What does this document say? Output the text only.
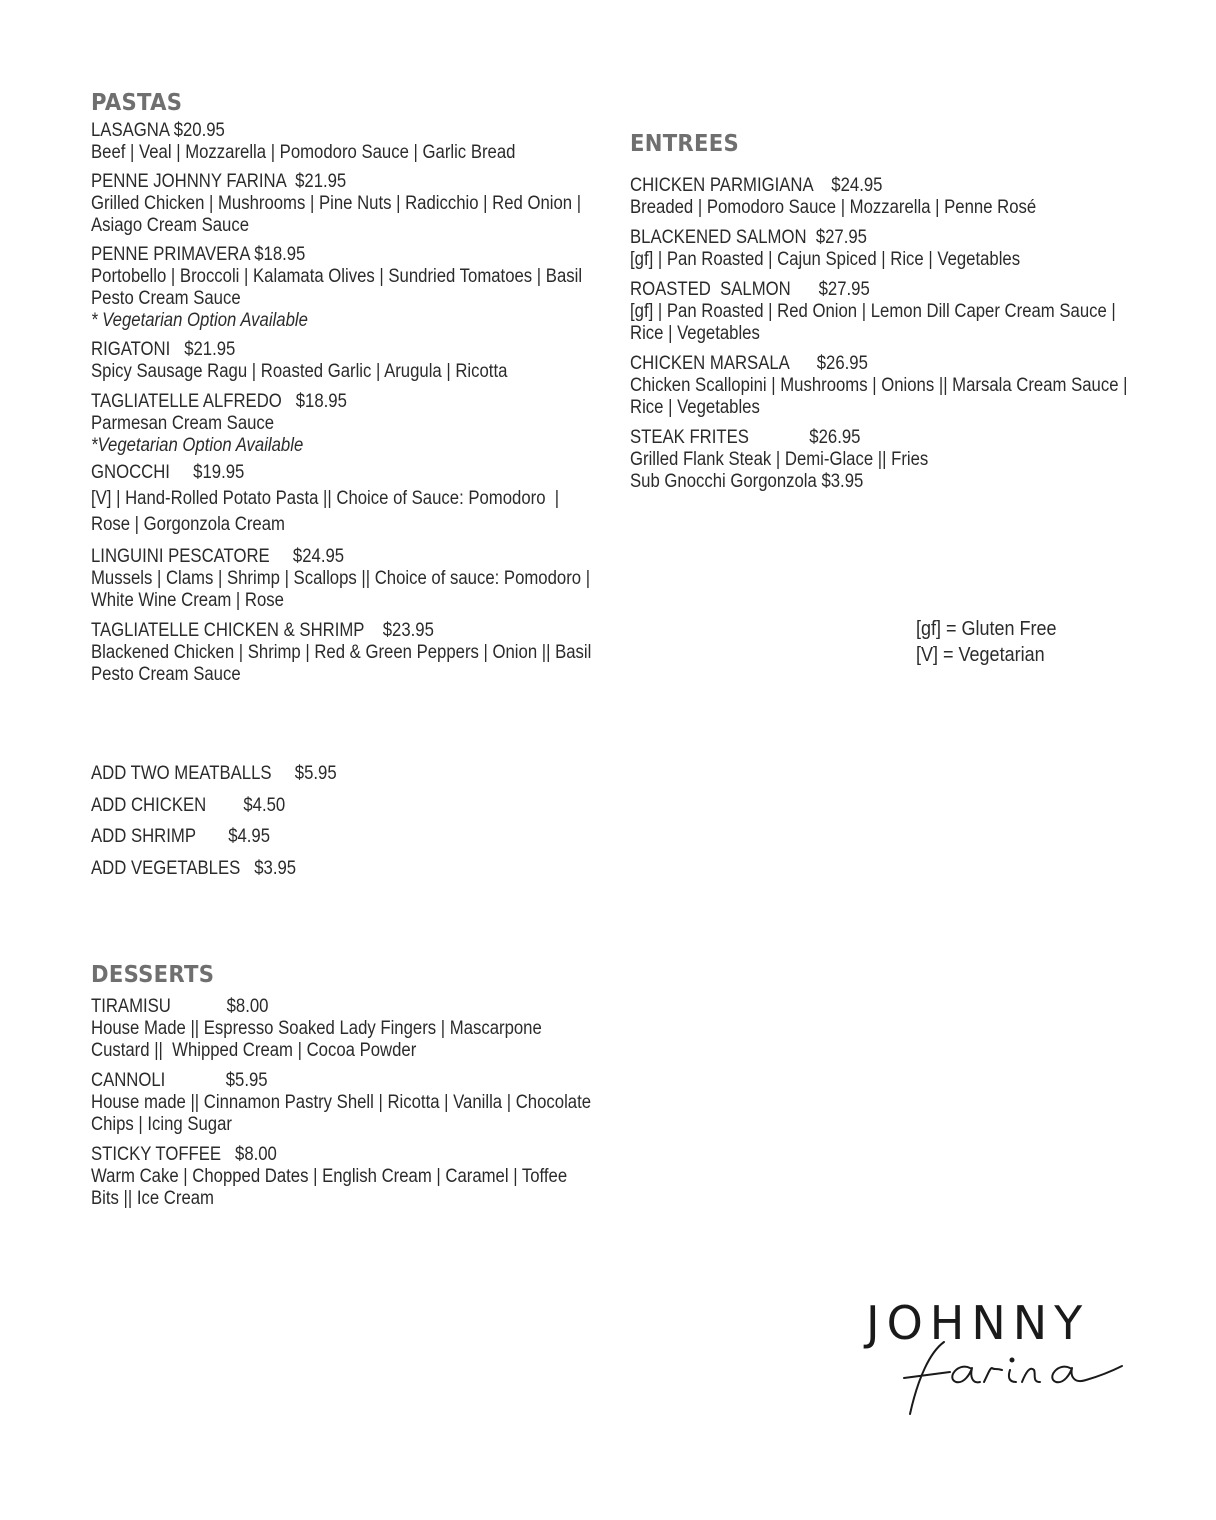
PASTAS
LASAGNA $20.95
Beef | Veal | Mozzarella | Pomodoro Sauce | Garlic Bread
PENNE JOHNNY FARINA  $21.95
Grilled Chicken | Mushrooms | Pine Nuts | Radicchio | Red Onion |
Asiago Cream Sauce
PENNE PRIMAVERA $18.95
Portobello | Broccoli | Kalamata Olives | Sundried Tomatoes | Basil
Pesto Cream Sauce
* Vegetarian Option Available
RIGATONI   $21.95
Spicy Sausage Ragu | Roasted Garlic | Arugula | Ricotta
TAGLIATELLE ALFREDO   $18.95
Parmesan Cream Sauce
*Vegetarian Option Available
GNOCCHI     $19.95
[V] | Hand-Rolled Potato Pasta || Choice of Sauce: Pomodoro  |
Rose | Gorgonzola Cream
LINGUINI PESCATORE     $24.95
Mussels | Clams | Shrimp | Scallops || Choice of sauce: Pomodoro |
White Wine Cream | Rose
TAGLIATELLE CHICKEN & SHRIMP    $23.95
Blackened Chicken | Shrimp | Red & Green Peppers | Onion || Basil
Pesto Cream Sauce
ADD TWO MEATBALLS     $5.95
ADD CHICKEN        $4.50
ADD SHRIMP       $4.95
ADD VEGETABLES   $3.95
DESSERTS
TIRAMISU            $8.00
House Made || Espresso Soaked Lady Fingers | Mascarpone
Custard ||  Whipped Cream | Cocoa Powder
CANNOLI             $5.95
House made || Cinnamon Pastry Shell | Ricotta | Vanilla | Chocolate
Chips | Icing Sugar
STICKY TOFFEE   $8.00
Warm Cake | Chopped Dates | English Cream | Caramel | Toffee
Bits || Ice Cream
ENTREES
CHICKEN PARMIGIANA    $24.95
Breaded | Pomodoro Sauce | Mozzarella | Penne Rosé
BLACKENED SALMON  $27.95
[gf] | Pan Roasted | Cajun Spiced | Rice | Vegetables
ROASTED  SALMON      $27.95
[gf] | Pan Roasted | Red Onion | Lemon Dill Caper Cream Sauce |
Rice | Vegetables
CHICKEN MARSALA      $26.95
Chicken Scallopini | Mushrooms | Onions || Marsala Cream Sauce |
Rice | Vegetables
STEAK FRITES             $26.95
Grilled Flank Steak | Demi-Glace || Fries
Sub Gnocchi Gorgonzola $3.95
[gf] = Gluten Free
[V] = Vegetarian
JOHNNY
